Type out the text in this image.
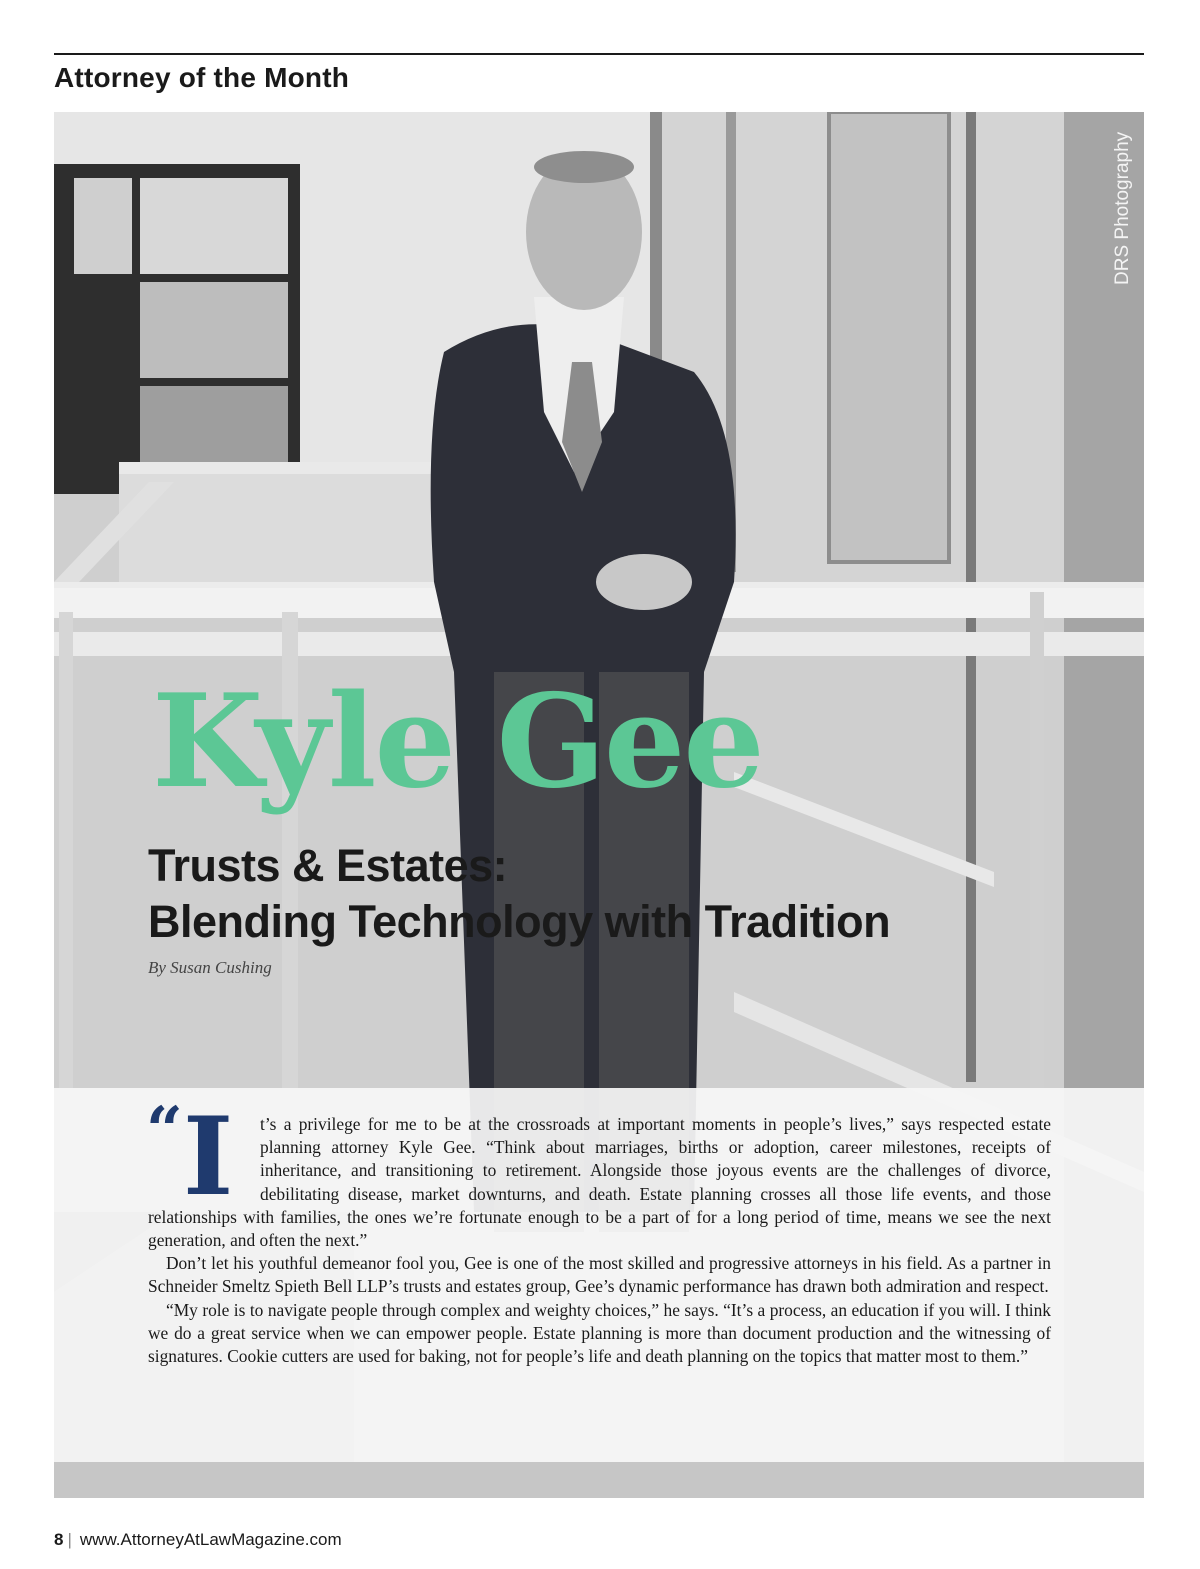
Attorney of the Month
DRS Photography
Kyle Gee
Trusts & Estates:
Blending Technology with Tradition
By Susan Cushing
“I	t’s a privilege for me to be at the crossroads at important moments in people’s lives,” says respected estate planning attorney Kyle Gee. “Think about marriages, births or adoption, career milestones, receipts of inheritance, and transitioning to retirement. Alongside those joyous events are the challenges of divorce, debilitating disease, market downturns, and death. Estate planning crosses all those life events, and those relationships with families, the ones we’re fortunate enough to be a part of for a long period of time, means we see the next generation, and often the next.”

Don’t let his youthful demeanor fool you, Gee is one of the most skilled and progressive attorneys in his field. As a partner in Schneider Smeltz Spieth Bell LLP’s trusts and estates group, Gee’s dynamic performance has drawn both admiration and respect.

“My role is to navigate people through complex and weighty choices,” he says. “It’s a process, an education if you will. I think we do a great service when we can empower people. Estate planning is more than document production and the witnessing of signatures. Cookie cutters are used for baking, not for people’s life and death planning on the topics that matter most to them.”

8 | www.AttorneyAtLawMagazine.com
